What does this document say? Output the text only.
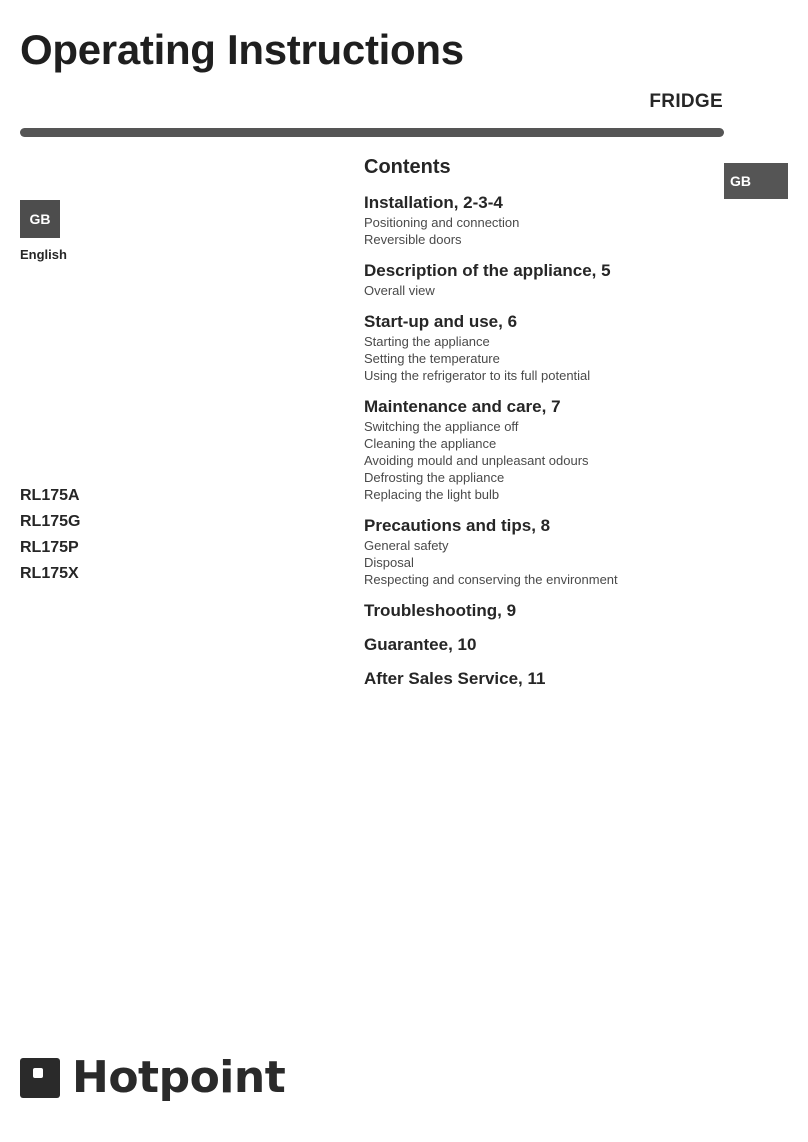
Operating Instructions
FRIDGE
GB
English
GB
RL175A
RL175G
RL175P
RL175X
Contents
Installation, 2-3-4
Positioning and connection
Reversible doors
Description of the appliance, 5
Overall view
Start-up and use, 6
Starting the appliance
Setting the temperature
Using the refrigerator to its full potential
Maintenance and care, 7
Switching the appliance off
Cleaning the appliance
Avoiding mould and unpleasant odours
Defrosting the appliance
Replacing the light bulb
Precautions and tips, 8
General safety
Disposal
Respecting and conserving the environment
Troubleshooting, 9
Guarantee, 10
After Sales Service, 11
Hotpoint
